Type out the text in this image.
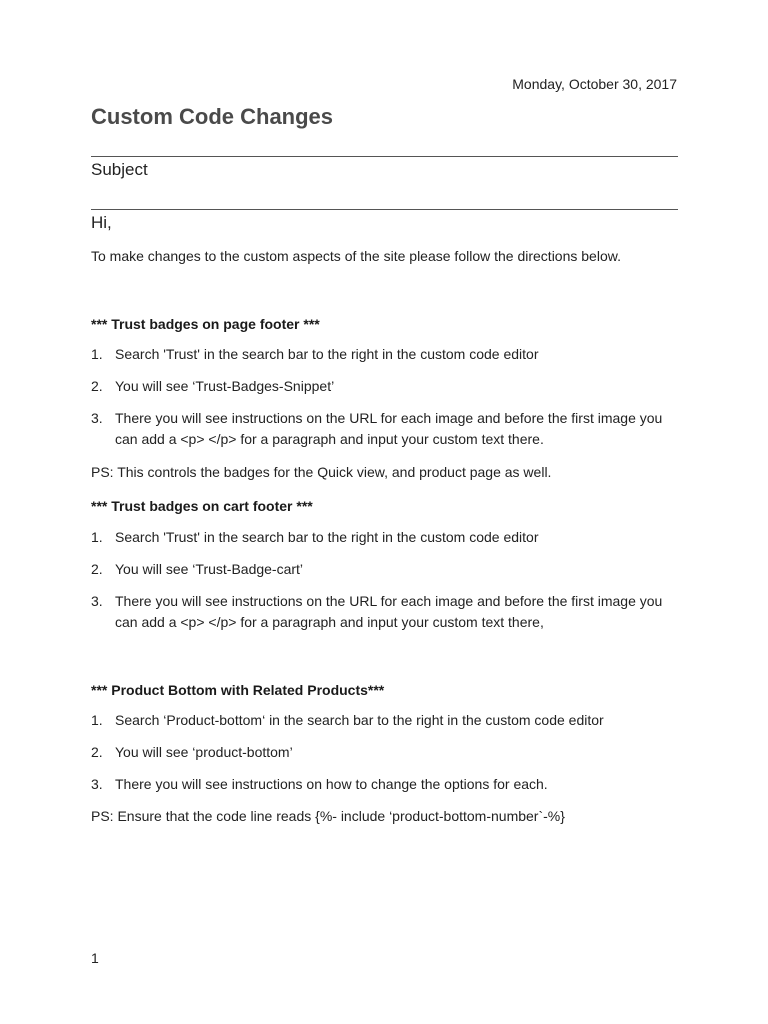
Monday, October 30, 2017
Custom Code Changes
Subject
Hi,

To make changes to the custom aspects of the site please follow the directions below.

*** Trust badges on page footer ***

1. Search 'Trust' in the search bar to the right in the custom code editor
2. You will see ‘Trust-Badges-Snippet’
3. There you will see instructions on the URL for each image and before the first image you can add a <p> </p> for a paragraph and input your custom text there.

PS: This controls the badges for the Quick view, and product page as well.

*** Trust badges on cart footer ***

1. Search 'Trust' in the search bar to the right in the custom code editor
2. You will see ‘Trust-Badge-cart’
3. There you will see instructions on the URL for each image and before the first image you can add a <p> </p> for a paragraph and input your custom text there,

*** Product Bottom with Related Products***

1. Search ‘Product-bottom‘ in the search bar to the right in the custom code editor
2. You will see ‘product-bottom’
3. There you will see instructions on how to change the options for each.

PS: Ensure that the code line reads {%- include ‘product-bottom-number`-%}

1
